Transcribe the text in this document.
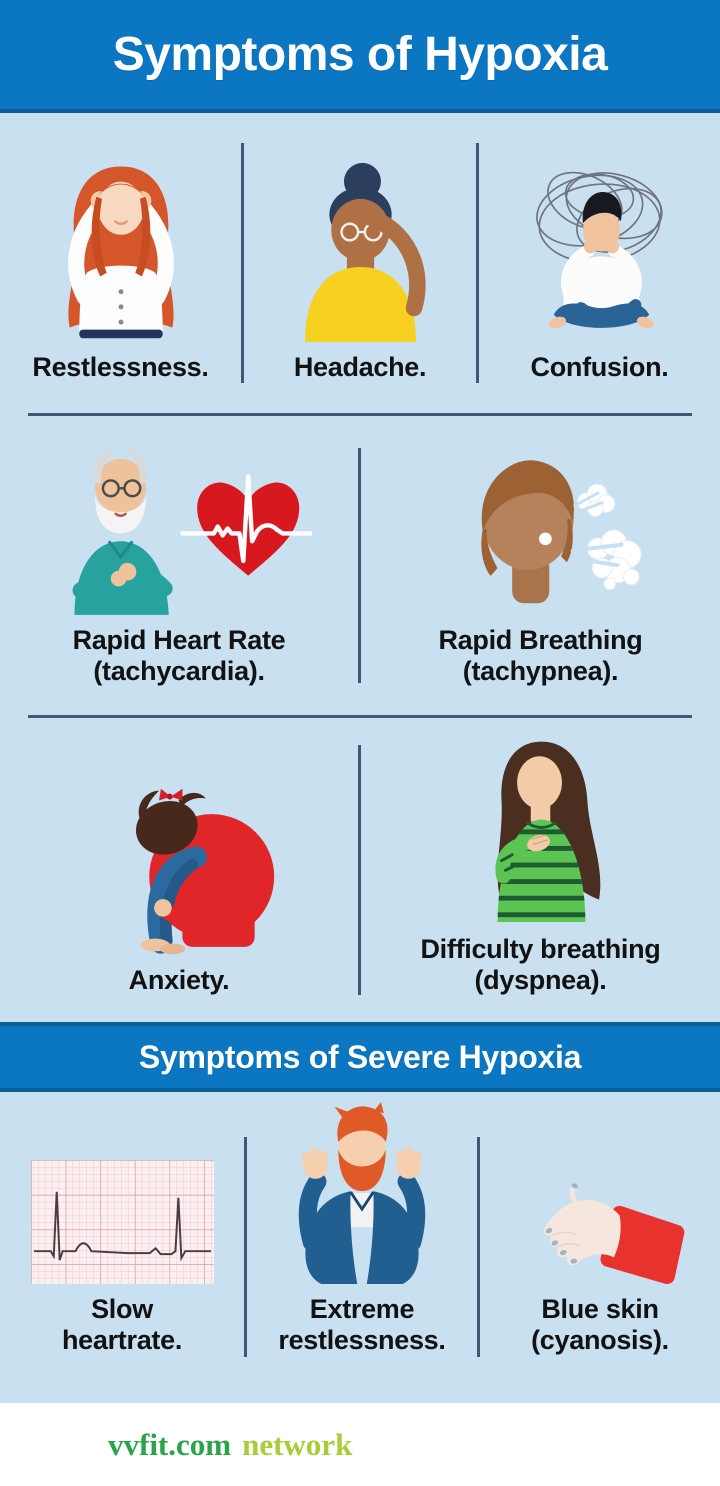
Symptoms of Hypoxia
Restlessness.	Headache.	Confusion.
Rapid Heart Rate (tachycardia).
Rapid Breathing (tachypnea).
Anxiety.
Difficulty breathing (dyspnea).
Symptoms of Severe Hypoxia
Slow heartrate.
Extreme restlessness.
Blue skin (cyanosis).
vvfit.com network
